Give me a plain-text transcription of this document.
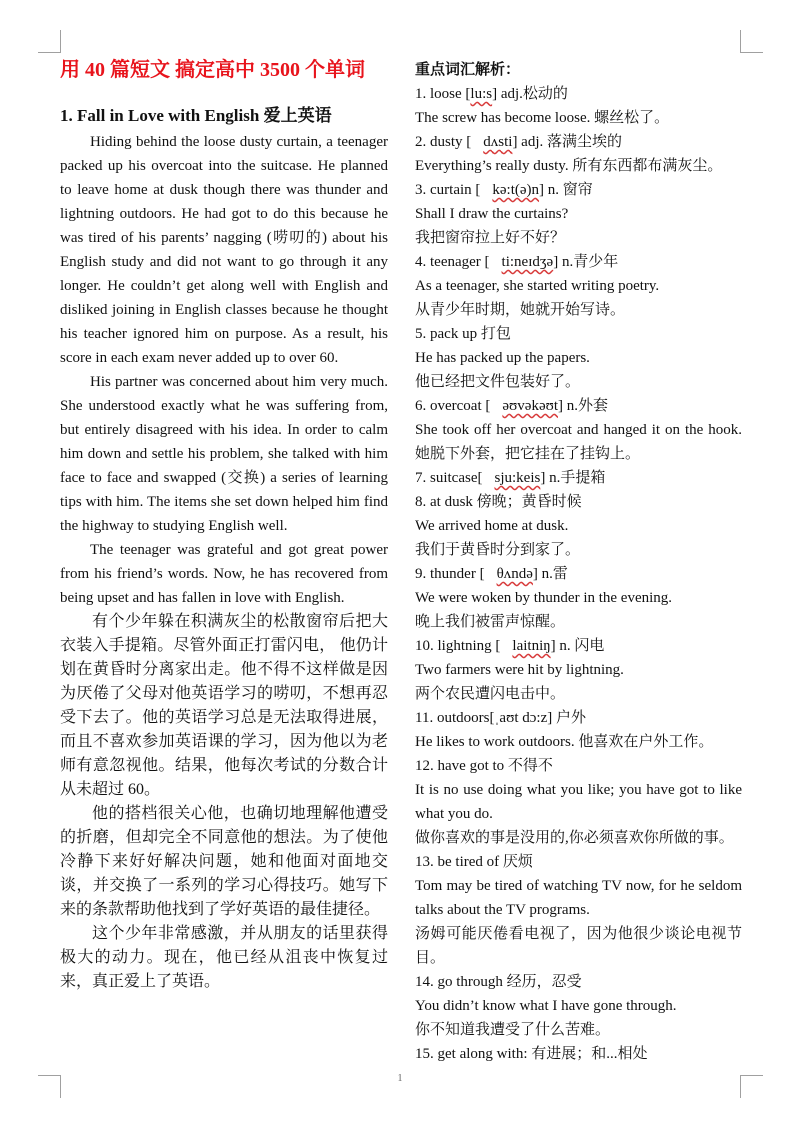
用 40 篇短文 搞定高中 3500 个单词
1. Fall in Love with English 爱上英语

Hiding behind the loose dusty curtain, a teenager packed up his overcoat into the suitcase. He planned to leave home at dusk though there was thunder and lightning outdoors. He had got to do this because he was tired of his parents’ nagging (唠叨的) about his English study and did not want to go through it any longer. He couldn’t get along well with English and disliked joining in English classes because he thought his teacher ignored him on purpose. As a result, his score in each exam never added up to over 60.

His partner was concerned about him very much. She understood exactly what he was suffering from, but entirely disagreed with his idea. In order to calm him down and settle his problem, she talked with him face to face and swapped (交换) a series of learning tips with him. The items she set down helped him find the highway to studying English well.

The teenager was grateful and got great power from his friend’s words. Now, he has recovered from being upset and has fallen in love with English.

有个少年躲在积满灰尘的松散窗帘后把大衣装入手提箱。尽管外面正打雷闪电， 他仍计划在黄昏时分离家出走。他不得不这样做是因为厌倦了父母对他英语学习的唠叨，不想再忍受下去了。他的英语学习总是无法取得进展，而且不喜欢参加英语课的学习，因为他以为老师有意忽视他。结果，他每次考试的分数合计从未超过 60。

他的搭档很关心他，也确切地理解他遭受的折磨，但却完全不同意他的想法。为了使他冷静下来好好解决问题，她和他面对面地交谈，并交换了一系列的学习心得技巧。她写下来的条款帮助他找到了学好英语的最佳捷径。

这个少年非常感激，并从朋友的话里获得极大的动力。现在，他已经从沮丧中恢复过来，真正爱上了英语。

重点词汇解析：

1. loose [lu:s] adj.松动的

The screw has become loose. 螺丝松了。

2. dusty [ dʌsti] adj. 落满尘埃的

Everything’s really dusty. 所有东西都布满灰尘。

3. curtain [ kə:t(ə)n] n. 窗帘

Shall I draw the curtains?

我把窗帘拉上好不好？

4. teenager [ ti:neɪdʒə] n.青少年

As a teenager, she started writing poetry.

从青少年时期，她就开始写诗。

5. pack up 打包

He has packed up the papers.

他已经把文件包装好了。

6. overcoat [ əʊvəkəʊt] n.外套

She took off her overcoat and hanged it on the hook. 她脱下外套，把它挂在了挂钩上。

7. suitcase[ sju:keis] n.手提箱

8. at dusk 傍晚；黄昏时候

We arrived home at dusk.

我们于黄昏时分到家了。

9. thunder [ θʌndə] n.雷

We were woken by thunder in the evening.

晚上我们被雷声惊醒。

10. lightning [ laitniŋ] n. 闪电

Two farmers were hit by lightning.

两个农民遭闪电击中。

11. outdoors[ˌaʊt dɔ:z] 户外

He likes to work outdoors. 他喜欢在户外工作。

12. have got to 不得不

It is no use doing what you like; you have got to like what you do.

做你喜欢的事是没用的,你必须喜欢你所做的事。

13. be tired of 厌烦

Tom may be tired of watching TV now, for he seldom talks about the TV programs.

汤姆可能厌倦看电视了，因为他很少谈论电视节目。

14. go through 经历，忍受

You didn’t know what I have gone through.

你不知道我遭受了什么苦难。

15. get along with: 有进展；和...相处

1
